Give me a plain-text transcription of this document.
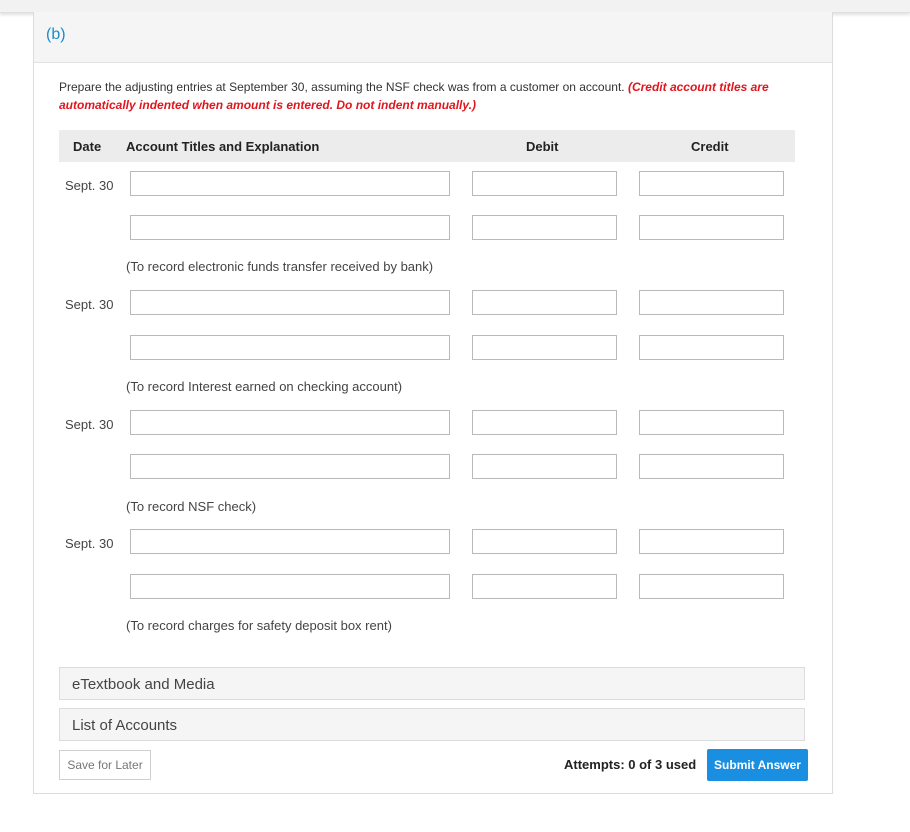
(b)
Prepare the adjusting entries at September 30, assuming the NSF check was from a customer on account. (Credit account titles are automatically indented when amount is entered. Do not indent manually.)
Date Account Titles and Explanation	Debit	Credit
Sept. 30
(To record electronic funds transfer received by bank)
Sept. 30
(To record Interest earned on checking account)
Sept. 30
(To record NSF check)
Sept. 30
(To record charges for safety deposit box rent)
eTextbook and Media
List of Accounts
Save for Later	Attempts: 0 of 3 used	Submit Answer
